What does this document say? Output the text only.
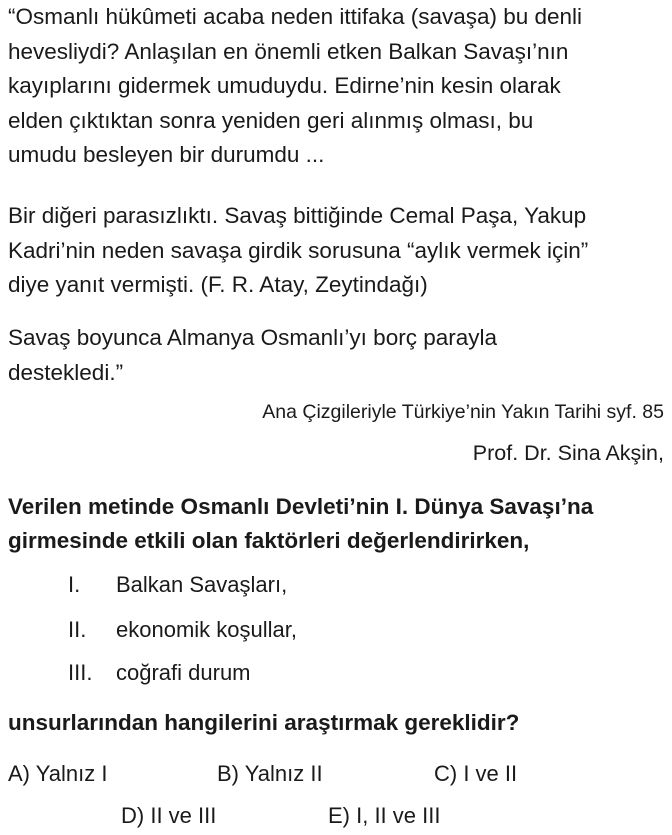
“Osmanlı hükûmeti acaba neden ittifaka (savaşa) bu denli
hevesliydi? Anlaşılan en önemli etken Balkan Savaşı’nın
kayıplarını gidermek umuduydu. Edirne’nin kesin olarak
elden çıktıktan sonra yeniden geri alınmış olması, bu
umudu besleyen bir durumdu ...
Bir diğeri parasızlıktı. Savaş bittiğinde Cemal Paşa, Yakup
Kadri’nin neden savaşa girdik sorusuna “aylık vermek için”
diye yanıt vermişti. (F. R. Atay, Zeytindağı)
Savaş boyunca Almanya Osmanlı’yı borç parayla
destekledi.”
Ana Çizgileriyle Türkiye’nin Yakın Tarihi syf. 85
Prof. Dr. Sina Akşin,
Verilen metinde Osmanlı Devleti’nin I. Dünya Savaşı’na
girmesinde etkili olan faktörleri değerlendirirken,
I. Balkan Savaşları,
II. ekonomik koşullar,
III. coğrafi durum
unsurlarından hangilerini araştırmak gereklidir?
A) Yalnız I	B) Yalnız II	C) I ve II
D) II ve III	E) I, II ve III
